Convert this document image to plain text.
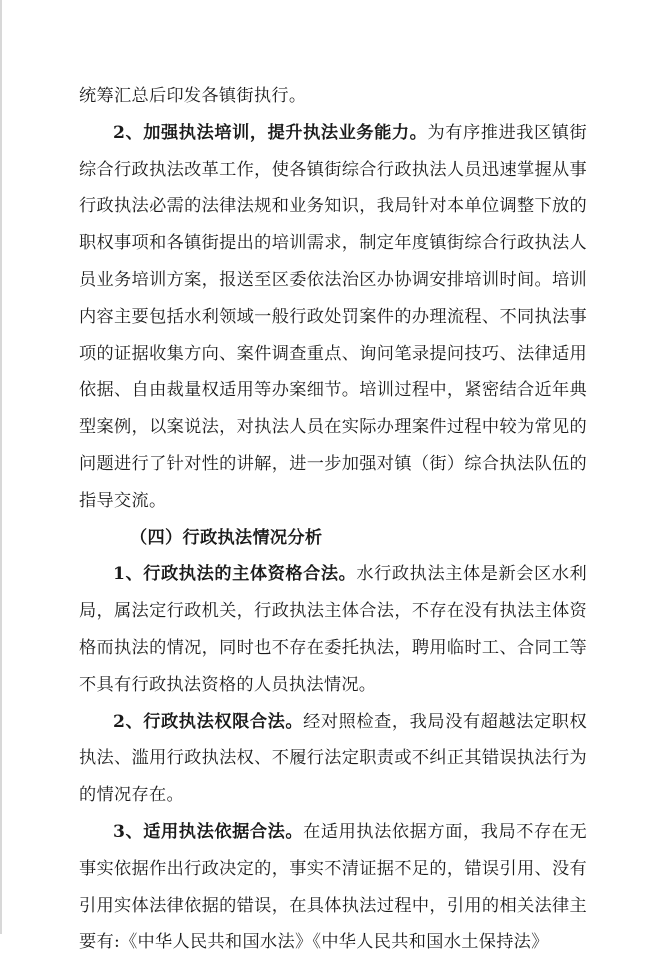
统筹汇总后印发各镇街执行。

2、加强执法培训，提升执法业务能力。为有序推进我区镇街综合行政执法改革工作，使各镇街综合行政执法人员迅速掌握从事行政执法必需的法律法规和业务知识，我局针对本单位调整下放的职权事项和各镇街提出的培训需求，制定年度镇街综合行政执法人员业务培训方案，报送至区委依法治区办协调安排培训时间。培训内容主要包括水利领域一般行政处罚案件的办理流程、不同执法事项的证据收集方向、案件调查重点、询问笔录提问技巧、法律适用依据、自由裁量权适用等办案细节。培训过程中，紧密结合近年典型案例，以案说法，对执法人员在实际办理案件过程中较为常见的问题进行了针对性的讲解，进一步加强对镇（街）综合执法队伍的指导交流。

（四）行政执法情况分析

1、行政执法的主体资格合法。水行政执法主体是新会区水利局，属法定行政机关，行政执法主体合法，不存在没有执法主体资格而执法的情况，同时也不存在委托执法，聘用临时工、合同工等不具有行政执法资格的人员执法情况。

2、行政执法权限合法。经对照检查，我局没有超越法定职权执法、滥用行政执法权、不履行法定职责或不纠正其错误执法行为的情况存在。

3、适用执法依据合法。在适用执法依据方面，我局不存在无事实依据作出行政决定的，事实不清证据不足的，错误引用、没有引用实体法律依据的错误，在具体执法过程中，引用的相关法律主要有:《中华人民共和国水法》《中华人民共和国水土保持法》
